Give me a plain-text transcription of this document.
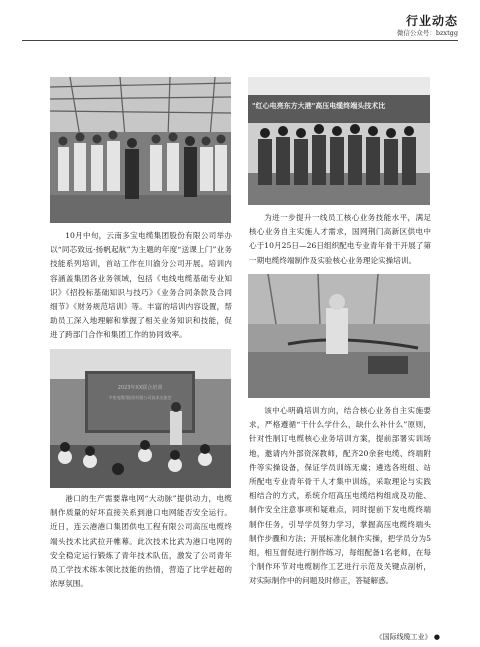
行业动态
微信公众号：bzxtgg

10月中旬，云南多宝电缆集团股份有限公司举办以“同芯致远·扬帆起航”为主题的年度“送课上门”业务技能系列培训，首站工作在川渝分公司开展。培训内容涵盖集团各业务领域，包括《电线电缆基础专业知识》《招投标基础知识与技巧》《业务合同条款及合同细节》《财务规范培训》等。丰富的培训内容设置，帮助员工深入地理解和掌握了相关业务知识和技能，促进了跨部门合作和集团工作的协同效率。

2023年XX联合培训
多变电缆(集团)有限公司技术交流会

港口的生产需要靠电网“大动脉”提供动力，电缆制作质量的好坏直接关系到港口电网能否安全运行。近日，连云港港口集团供电工程有限公司高压电缆终端头技术比武拉开帷幕。此次技术比武为港口电网的安全稳定运行锻炼了青年技术队伍，激发了公司青年员工学技术练本领比技能的热情，营造了比学赶超的浓厚氛围。

"红心电亮东方大港"高压电缆终端头技术比

为进一步提升一线员工核心业务技能水平，满足核心业务自主实施人才需求，国网荆门高新区供电中心于10月25日—26日组织配电专业青年骨干开展了第一期电缆终端制作及实验核心业务理论实操培训。

该中心明确培训方向，结合核心业务自主实施要求，严格遵循“干什么学什么，缺什么补什么”原则，针对性制订电缆核心业务培训方案，提前部署实训场地，邀请内外部资深教师，配齐20余套电缆、终端附件等实操设备，保证学员训练无虞；遴选各班组、站所配电专业青年骨干人才集中训练，采取理论与实践相结合的方式，系统介绍高压电缆结构组成及功能、制作安全注意事项和疑难点，同时提前下发电缆终端制作任务，引导学员努力学习，掌握高压电缆终端头制作步骤和方法；开展标准化制作实操，把学员分为5组，相互督促进行制作练习，每组配备1名老师，在每个制作环节对电缆制作工艺进行示范及关键点剖析，对实际制作中的问题及时修正，答疑解惑。

《国际线缆工业》 ●
